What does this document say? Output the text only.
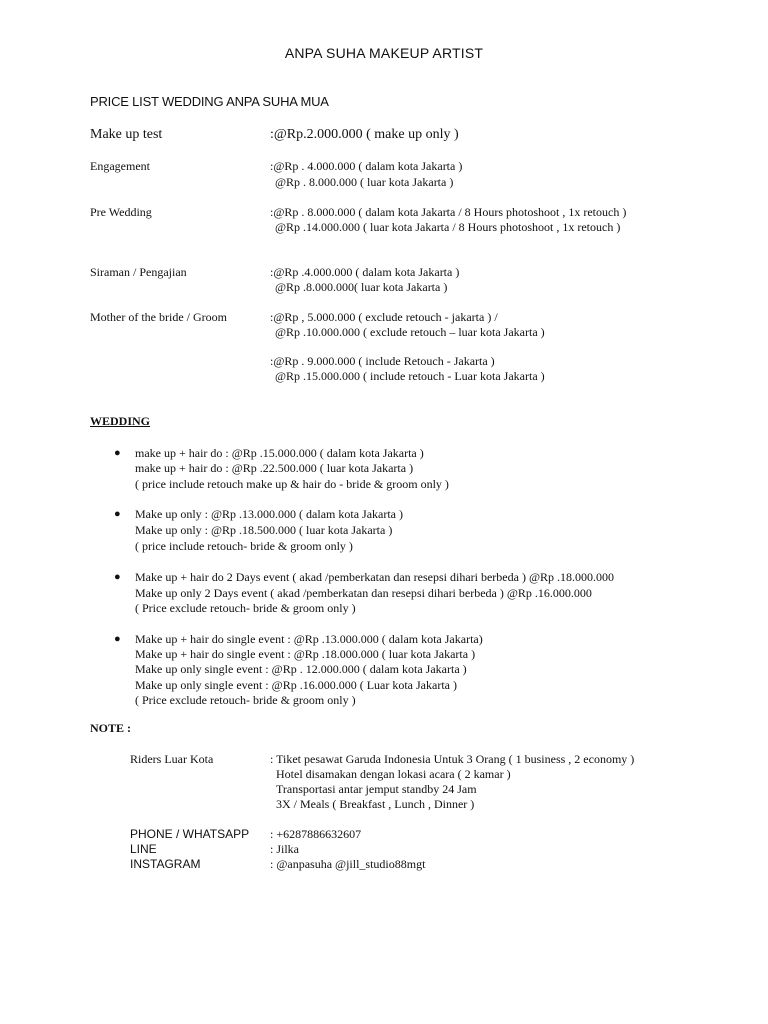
ANPA SUHA MAKEUP ARTIST
PRICE LIST WEDDING ANPA SUHA MUA
Make up test	:@Rp.2.000.000 ( make up only )
Engagement	:@Rp . 4.000.000 ( dalam kota Jakarta )
@Rp . 8.000.000 ( luar kota Jakarta )
Pre Wedding	:@Rp . 8.000.000 ( dalam kota Jakarta / 8 Hours photoshoot , 1x retouch )
@Rp .14.000.000 ( luar kota Jakarta / 8 Hours photoshoot , 1x retouch )
Siraman / Pengajian	:@Rp .4.000.000 ( dalam kota Jakarta )
@Rp .8.000.000( luar kota Jakarta )
Mother of the bride / Groom	:@Rp , 5.000.000 ( exclude retouch - jakarta ) /
@Rp .10.000.000 ( exclude retouch – luar kota Jakarta )
:@Rp . 9.000.000 ( include Retouch - Jakarta )
@Rp .15.000.000 ( include retouch - Luar kota Jakarta )
WEDDING
● make up + hair do : @Rp .15.000.000 ( dalam kota Jakarta )
make up + hair do : @Rp .22.500.000 ( luar kota Jakarta )
( price include retouch make up & hair do - bride & groom only )
● Make up only : @Rp .13.000.000 ( dalam kota Jakarta )
Make up only : @Rp .18.500.000 ( luar kota Jakarta )
( price include retouch- bride & groom only )
● Make up + hair do 2 Days event ( akad /pemberkatan dan resepsi dihari berbeda ) @Rp .18.000.000
Make up only 2 Days event ( akad /pemberkatan dan resepsi dihari berbeda ) @Rp .16.000.000
( Price exclude retouch- bride & groom only )
● Make up + hair do single event : @Rp .13.000.000 ( dalam kota Jakarta)
Make up + hair do single event : @Rp .18.000.000 ( luar kota Jakarta )
Make up only single event : @Rp . 12.000.000 ( dalam kota Jakarta )
Make up only single event : @Rp .16.000.000 ( Luar kota Jakarta )
( Price exclude retouch- bride & groom only )
NOTE :
Riders Luar Kota	: Tiket pesawat Garuda Indonesia Untuk 3 Orang ( 1 business , 2 economy )
Hotel disamakan dengan lokasi acara ( 2 kamar )
Transportasi antar jemput standby 24 Jam
3X / Meals ( Breakfast , Lunch , Dinner )
PHONE / WHATSAPP : +6287886632607
LINE	: Jilka
INSTAGRAM	: @anpasuha @jill_studio88mgt
